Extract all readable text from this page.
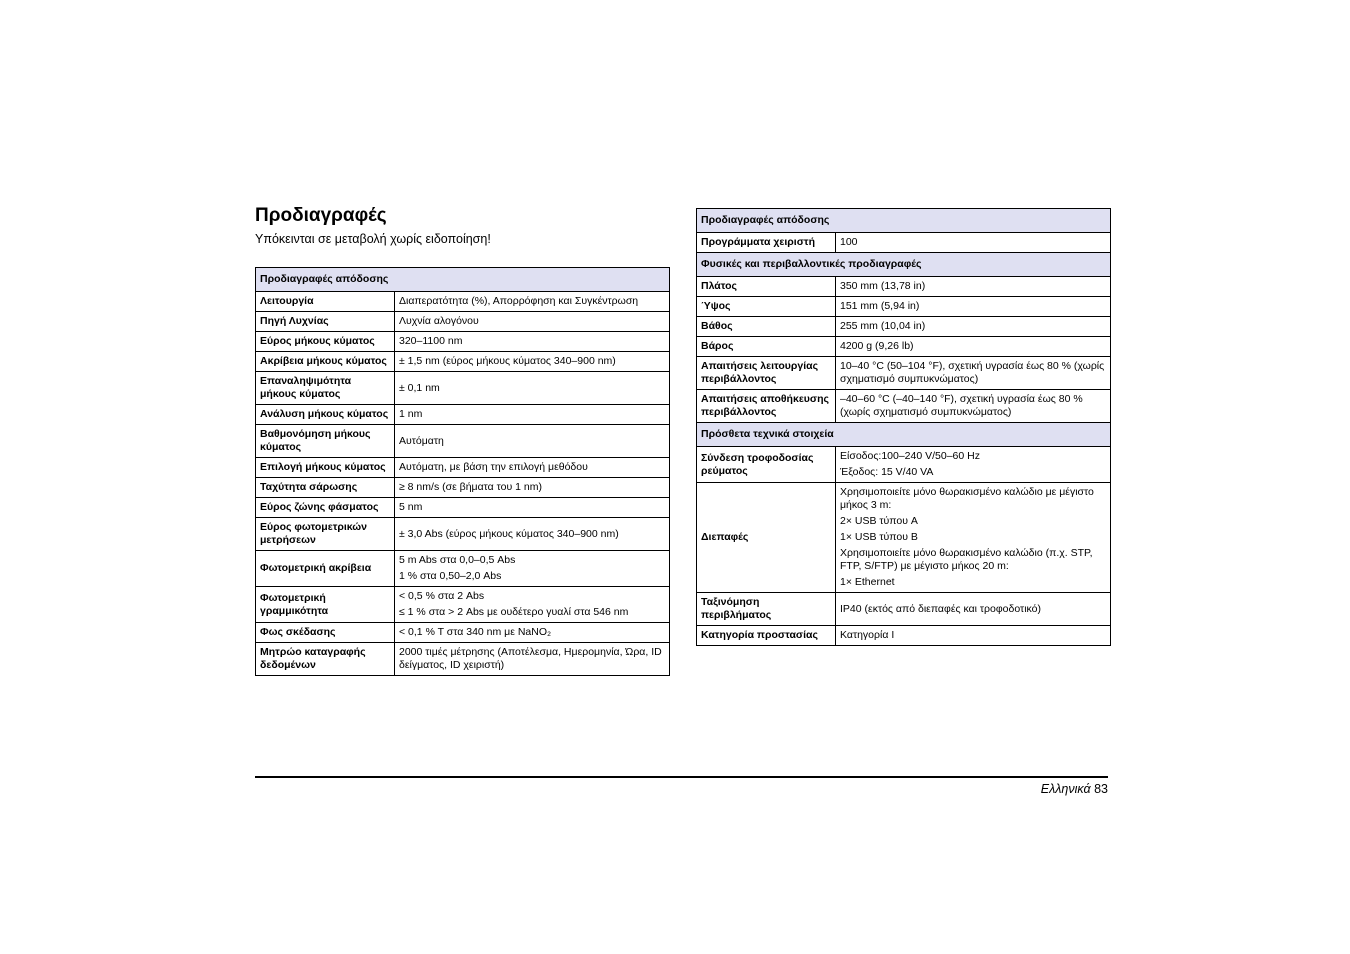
Προδιαγραφές

Υπόκεινται σε μεταβολή χωρίς ειδοποίηση!

Προδιαγραφές απόδοσης	
Λειτουργία	Διαπερατότητα (%), Απορρόφηση και Συγκέντρωση

Πηγή Λυχνίας	Λυχνία αλογόνου

Εύρος μήκους κύματος	320–1100 nm

Ακρίβεια μήκους κύματος	± 1,5 nm (εύρος μήκους κύματος 340–900 nm)

Επαναληψιμότητα μήκους κύματος	± 0,1 nm

Ανάλυση μήκους κύματος	1 nm

Βαθμονόμηση μήκους κύματος	Αυτόματη

Επιλογή μήκους κύματος	Αυτόματη, με βάση την επιλογή μεθόδου

Ταχύτητα σάρωσης	≥ 8 nm/s (σε βήματα του 1 nm)

Εύρος ζώνης φάσματος	5 nm

Εύρος φωτομετρικών μετρήσεων	± 3,0 Abs (εύρος μήκους κύματος 340–900 nm)

Φωτομετρική ακρίβεια	5 m Abs στα 0,0–0,5 Abs
1 % στα 0,50–2,0 Abs

Φωτομετρική γραμμικότητα	< 0,5 % στα 2 Abs
≤ 1 % στα > 2 Abs με ουδέτερο γυαλί στα 546 nm

Φως σκέδασης	< 0,1 % T στα 340 nm με NaNO₂

Μητρώο καταγραφής δεδομένων	2000 τιμές μέτρησης (Αποτέλεσμα, Ημερομηνία, Ώρα, ID δείγματος, ID χειριστή)
Προδιαγραφές απόδοσης	
Προγράμματα χειριστή	100

Φυσικές και περιβαλλοντικές προδιαγραφές	
Πλάτος	350 mm (13,78 in)

Ύψος	151 mm (5,94 in)

Βάθος	255 mm (10,04 in)

Βάρος	4200 g (9,26 lb)

Απαιτήσεις λειτουργίας περιβάλλοντος	10–40 °C (50–104 °F), σχετική υγρασία έως 80 % (χωρίς σχηματισμό συμπυκνώματος)

Απαιτήσεις αποθήκευσης περιβάλλοντος	–40–60 °C (–40–140 °F), σχετική υγρασία έως 80 % (χωρίς σχηματισμό συμπυκνώματος)

Πρόσθετα τεχνικά στοιχεία	
Σύνδεση τροφοδοσίας ρεύματος	Είσοδος:100–240 V/50–60 Hz
Έξοδος: 15 V/40 VA

Διεπαφές	Χρησιμοποιείτε μόνο θωρακισμένο καλώδιο με μέγιστο μήκος 3 m:
2× USB τύπου A
1× USB τύπου B
Χρησιμοποιείτε μόνο θωρακισμένο καλώδιο (π.χ. STP, FTP, S/FTP) με μέγιστο μήκος 20 m:
1× Ethernet

Ταξινόμηση περιβλήματος	IP40 (εκτός από διεπαφές και τροφοδοτικό)

Κατηγορία προστασίας	Κατηγορία I
Ελληνικά 83
